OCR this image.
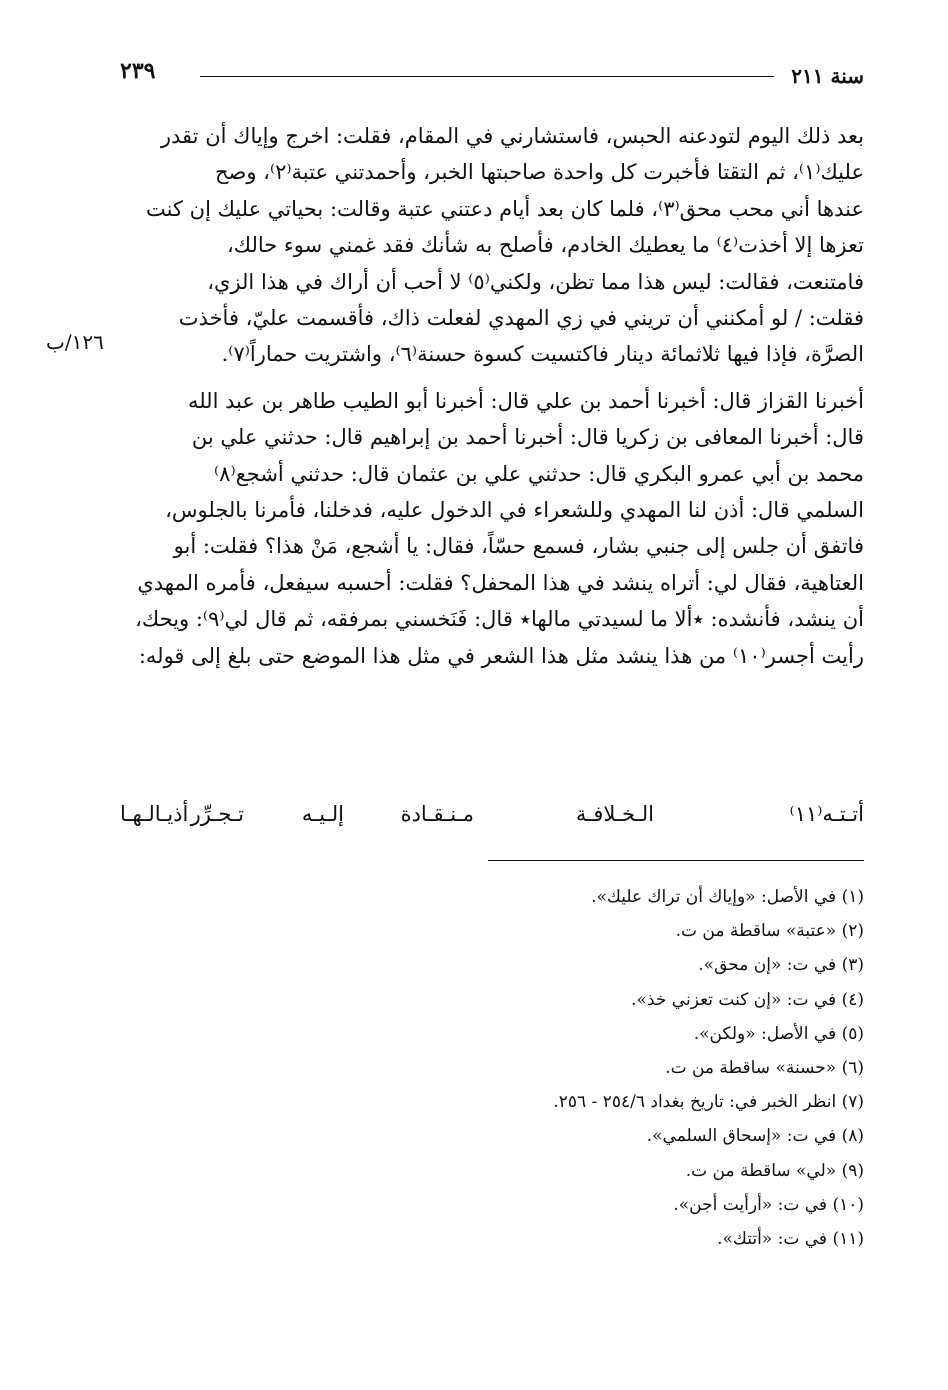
سنة ٢١١
٢٣٩
١٢٦/ب

بعد ذلك اليوم لتودعنه الحبس، فاستشارني في المقام، فقلت: اخرج وإياك أن تقدر
عليك⁽١⁾، ثم التقتا فأخبرت كل واحدة صاحبتها الخبر، وأحمدتني عتبة⁽٢⁾، وصح
عندها أني محب محق⁽٣⁾، فلما كان بعد أيام دعتني عتبة وقالت: بحياتي عليك إن كنت
تعزها إلا أخذت⁽٤⁾ ما يعطيك الخادم، فأصلح به شأنك فقد غمني سوء حالك،
فامتنعت، فقالت: ليس هذا مما تظن، ولكني⁽٥⁾ لا أحب أن أراك في هذا الزي،
فقلت: / لو أمكنني أن تريني في زي المهدي لفعلت ذاك، فأقسمت عليّ، فأخذت
الصرَّة، فإذا فيها ثلاثمائة دينار فاكتسيت كسوة حسنة⁽٦⁾، واشتريت حماراً⁽٧⁾.

أخبرنا القزاز قال: أخبرنا أحمد بن علي قال: أخبرنا أبو الطيب طاهر بن عبد الله
قال: أخبرنا المعافى بن زكريا قال: أخبرنا أحمد بن إبراهيم قال: حدثني علي بن
محمد بن أبي عمرو البكري قال: حدثني علي بن عثمان قال: حدثني أشجع⁽٨⁾
السلمي قال: أذن لنا المهدي وللشعراء في الدخول عليه، فدخلنا، فأمرنا بالجلوس،
فاتفق أن جلس إلى جنبي بشار، فسمع حسّاً، فقال: يا أشجع، مَنْ هذا؟ فقلت: أبو
العتاهية، فقال لي: أتراه ينشد في هذا المحفل؟ فقلت: أحسبه سيفعل، فأمره المهدي
أن ينشد، فأنشده: ٭ألا ما لسيدتي مالها٭ قال: فَنَخسني بمرفقه، ثم قال لي⁽٩⁾: ويحك،
رأيت أجسر⁽١٠⁾ من هذا ينشد مثل هذا الشعر في مثل هذا الموضع حتى بلغ إلى قوله:

أتـتـه⁽١١⁾
الـخـلافـة
مـنـقـادة
إلـيـه
أذيـالـهـا تـجـرِّر
(١) في الأصل: «وإياك أن تراك عليك».
(٢) «عتبة» ساقطة من ت.
(٣) في ت: «إن محق».
(٤) في ت: «إن كنت تعزني خذ».
(٥) في الأصل: «ولكن».
(٦) «حسنة» ساقطة من ت.
(٧) انظر الخبر في: تاريخ بغداد ٢٥٤/٦ - ٢٥٦.
(٨) في ت: «إسحاق السلمي».
(٩) «لي» ساقطة من ت.
(١٠) في ت: «أرأيت أجن».
(١١) في ت: «أتتك».
